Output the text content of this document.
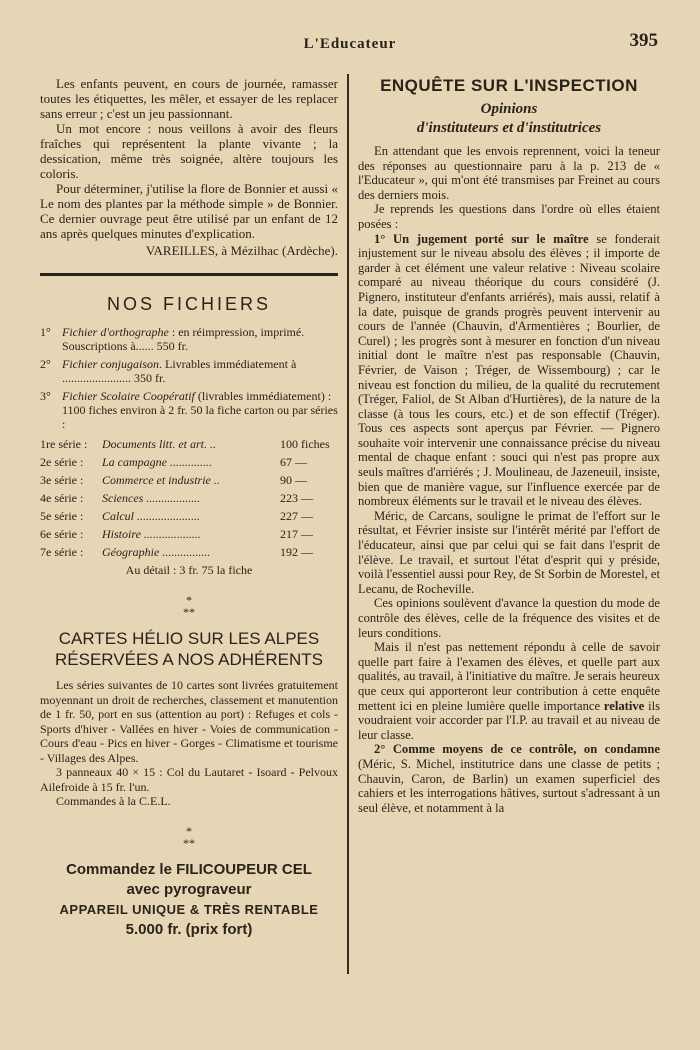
L'Educateur	395

Les enfants peuvent, en cours de journée, ramasser toutes les étiquettes, les mêler, et essayer de les replacer sans erreur ; c'est un jeu passionnant.

Un mot encore : nous veillons à avoir des fleurs fraîches qui représentent la plante vivante ; la dessication, même très soignée, altère toujours les coloris.

Pour déterminer, j'utilise la flore de Bonnier et aussi « Le nom des plantes par la méthode simple » de Bonnier. Ce dernier ouvrage peut être utilisé par un enfant de 12 ans après quelques minutes d'explication.

VAREILLES, à Mézilhac (Ardèche).
NOS FICHIERS
1° Fichier d'orthographe : en réimpression, imprimé. Souscriptions à...... 550 fr.
2° Fichier conjugaison. Livrables immédiatement à ....................... 350 fr.
3° Fichier Scolaire Coopératif (livrables immédiatement) : 1100 fiches environ à 2 fr. 50 la fiche carton ou par séries :
1re série :	Documents litt. et art. ..	100 fiches
2e série :	La campagne ..............	67 —
3e série :	Commerce et industrie ..	90 —
4e série :	Sciences ..................	223 —
5e série :	Calcul .....................	227 —
6e série :	Histoire ...................	217 —
7e série :	Géographie ................	192 —
Au détail : 3 fr. 75 la fiche
*
**
CARTES HÉLIO SUR LES ALPES RÉSERVÉES A NOS ADHÉRENTS

Les séries suivantes de 10 cartes sont livrées gratuitement moyennant un droit de recherches, classement et manutention de 1 fr. 50, port en sus (attention au port) : Refuges et cols - Sports d'hiver - Vallées en hiver - Voies de communication - Cours d'eau - Pics en hiver - Gorges - Climatisme et tourisme - Villages des Alpes.

3 panneaux 40 × 15 : Col du Lautaret - Isoard - Pelvoux Ailefroide à 15 fr. l'un.

Commandes à la C.E.L.

*
**
Commandez le FILICOUPEUR CEL
avec pyrograveur
APPAREIL UNIQUE & TRÈS RENTABLE
5.000 fr. (prix fort)
ENQUÊTE SUR L'INSPECTION
Opinions
d'instituteurs et d'institutrices

En attendant que les envois reprennent, voici la teneur des réponses au questionnaire paru à la p. 213 de « l'Educateur », qui m'ont été transmises par Freinet au cours des derniers mois.

Je reprends les questions dans l'ordre où elles étaient posées :

1° Un jugement porté sur le maître se fonderait injustement sur le niveau absolu des élèves ; il importe de garder à cet élément une valeur relative : Niveau scolaire comparé au niveau théorique du cours considéré (J. Pignero, instituteur d'enfants arriérés), mais aussi, relatif à la date, puisque de grands progrès peuvent intervenir au cours de l'année (Chauvin, d'Armentières ; Bourlier, de Curel) ; les progrès sont à mesurer en fonction d'un niveau initial dont le maître n'est pas responsable (Chauvin, Février, de Vaison ; Tréger, de Wissembourg) ; car le niveau est fonction du milieu, de la qualité du recrutement (Tréger, Faliol, de St Alban d'Hurtières), de la nature de la classe (à tous les cours, etc.) et de son effectif (Tréger). Tous ces aspects sont aperçus par Février. — Pignero souhaite voir intervenir une connaissance précise du niveau mental de chaque enfant : souci qui n'est pas propre aux seuls maîtres d'arriérés ; J. Moulineau, de Jazeneuil, insiste, bien que de manière vague, sur l'influence exercée par de nombreux éléments sur le travail et le niveau des élèves.

Méric, de Carcans, souligne le primat de l'effort sur le résultat, et Février insiste sur l'intérêt mérité par l'effort de l'éducateur, ainsi que par celui qui se fait dans l'esprit de l'élève. Le travail, et surtout l'état d'esprit qui y préside, voilà l'essentiel aussi pour Rey, de St Sorbin de Morestel, et Lecanu, de Rocheville.

Ces opinions soulèvent d'avance la question du mode de contrôle des élèves, celle de la fréquence des visites et de leurs conditions.

Mais il n'est pas nettement répondu à celle de savoir quelle part faire à l'examen des élèves, et quelle part aux qualités, au travail, à l'initiative du maître. Je serais heureux que ceux qui apporteront leur contribution à cette enquête mettent ici en pleine lumière quelle importance relative ils voudraient voir accorder par l'I.P. au travail et au niveau de leur classe.

2° Comme moyens de ce contrôle, on condamne (Méric, S. Michel, institutrice dans une classe de petits ; Chauvin, Caron, de Barlin) un examen superficiel des cahiers et les interrogations hâtives, surtout s'adressant à un seul élève, et notamment à la
